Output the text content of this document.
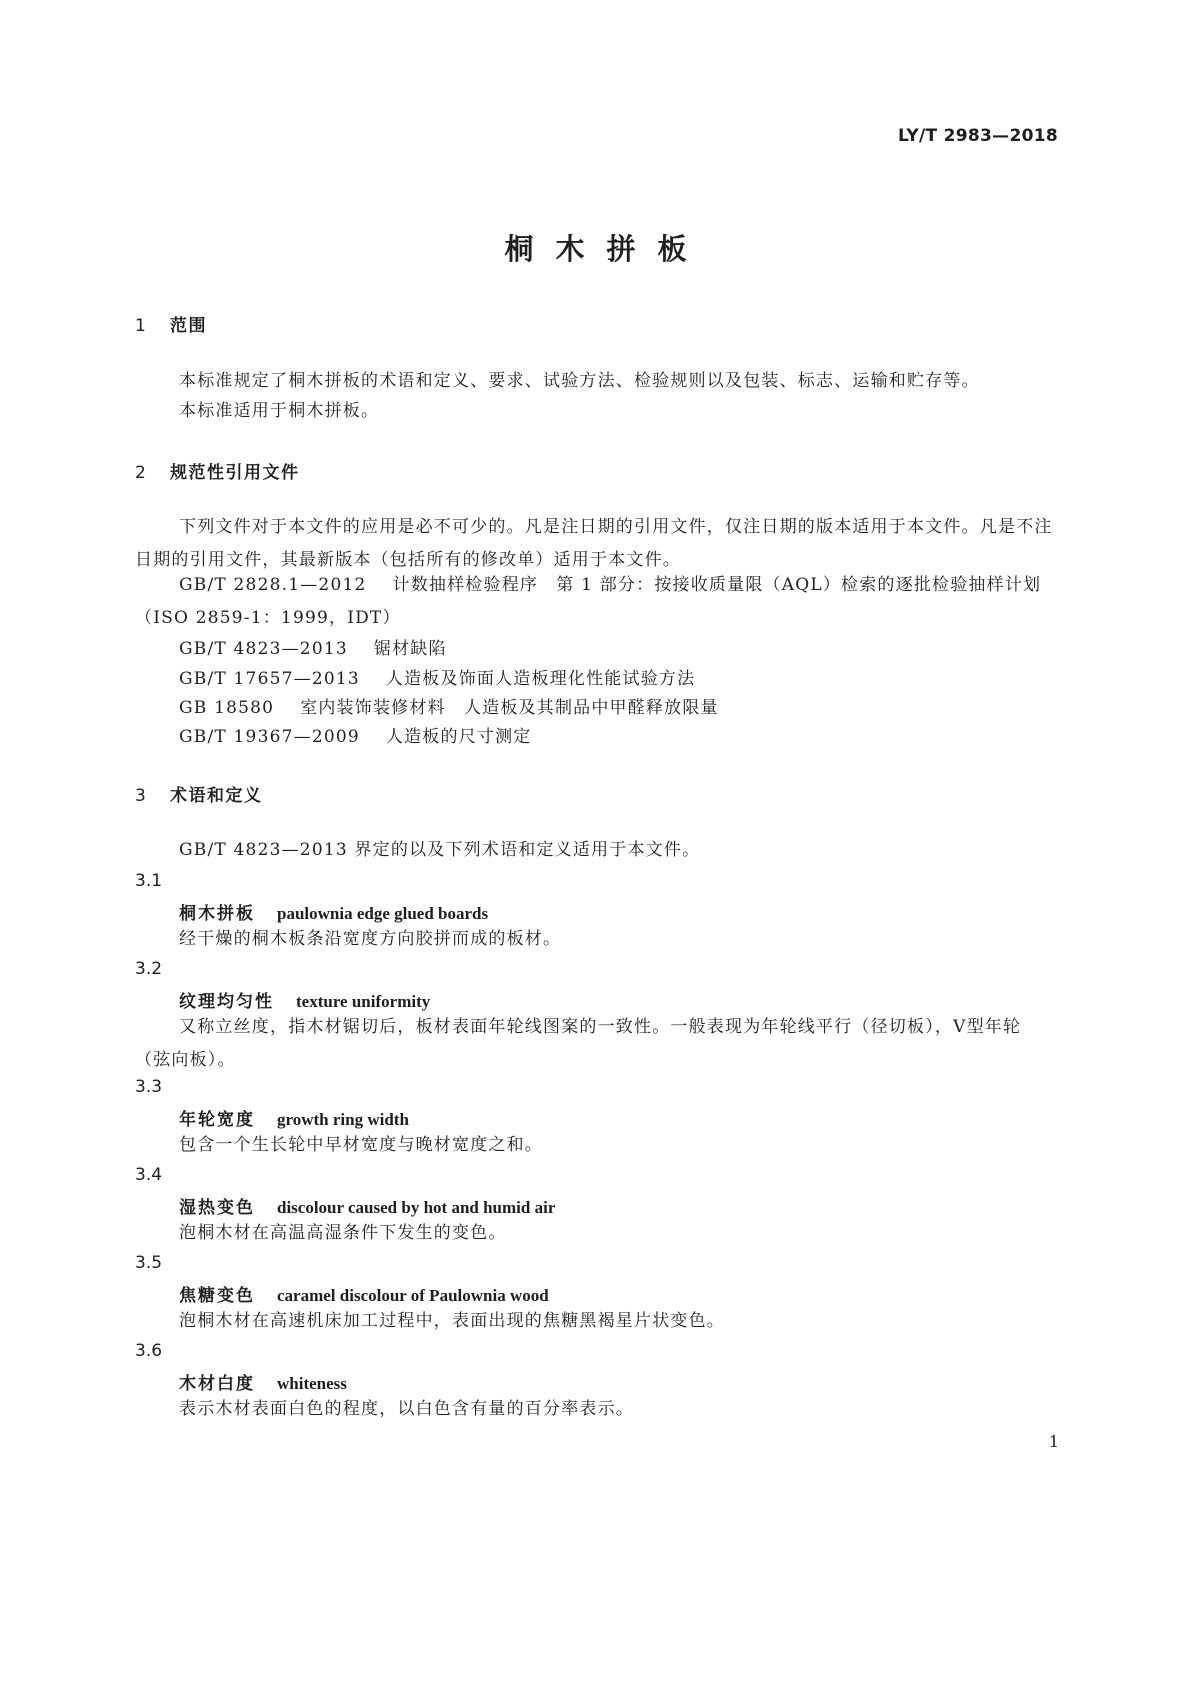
LY/T 2983—2018
桐木拼板
1 范围
本标准规定了桐木拼板的术语和定义、要求、试验方法、检验规则以及包装、标志、运输和贮存等。
本标准适用于桐木拼板。
2 规范性引用文件
下列文件对于本文件的应用是必不可少的。凡是注日期的引用文件，仅注日期的版本适用于本文件。凡是不注日期的引用文件，其最新版本（包括所有的修改单）适用于本文件。
GB/T 2828.1—2012 计数抽样检验程序　第 1 部分：按接收质量限（AQL）检索的逐批检验抽样计划（ISO 2859-1：1999，IDT）
GB/T 4823—2013 锯材缺陷
GB/T 17657—2013 人造板及饰面人造板理化性能试验方法
GB 18580 室内装饰装修材料　人造板及其制品中甲醛释放限量
GB/T 19367—2009 人造板的尺寸测定
3 术语和定义
GB/T 4823—2013 界定的以及下列术语和定义适用于本文件。
3.1
桐木拼板 paulownia edge glued boards
经干燥的桐木板条沿宽度方向胶拼而成的板材。
3.2
纹理均匀性 texture uniformity
又称立丝度，指木材锯切后，板材表面年轮线图案的一致性。一般表现为年轮线平行（径切板），V型年轮（弦向板）。
3.3
年轮宽度 growth ring width
包含一个生长轮中早材宽度与晚材宽度之和。
3.4
湿热变色 discolour caused by hot and humid air
泡桐木材在高温高湿条件下发生的变色。
3.5
焦糖变色 caramel discolour of Paulownia wood
泡桐木材在高速机床加工过程中，表面出现的焦糖黑褐星片状变色。
3.6
木材白度 whiteness
表示木材表面白色的程度，以白色含有量的百分率表示。
1
